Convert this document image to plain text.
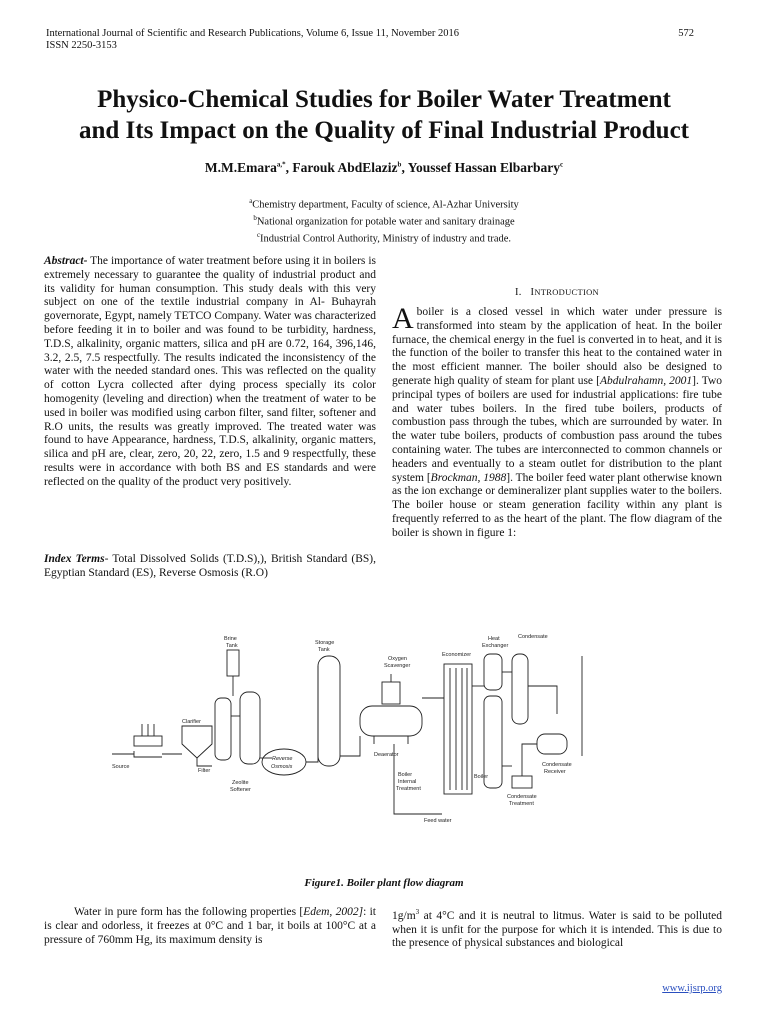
International Journal of Scientific and Research Publications, Volume 6, Issue 11, November 2016
ISSN 2250-3153
572
Physico-Chemical Studies for Boiler Water Treatment
and Its Impact on the Quality of Final Industrial Product
M.M.Emara$^{a,*}$, Farouk AbdElaziz$^b$, Youssef Hassan Elbarbary$^c$
$^a$Chemistry department, Faculty of science, Al-Azhar University
$^b$National organization for potable water and sanitary drainage
$^c$Industrial Control Authority, Ministry of industry and trade.
Abstract- The importance of water treatment before using it in boilers is extremely necessary to guarantee the quality of industrial product and its validity for human consumption. This study deals with this very subject on one of the textile industrial company in Al- Buhayrah governorate, Egypt, namely TETCO Company. Water was characterized before feeding it in to boiler and was found to be turbidity, hardness, T.D.S, alkalinity, organic matters, silica and pH are 0.72, 164, 396,146, 3.2, 2.5, 7.5 respectfully. The results indicated the inconsistency of the water with the needed standard ones. This was reflected on the quality of cotton Lycra collected after dying process specially its color homogenity (leveling and direction) when the treatment of water to be used in boiler was modified using carbon filter, sand filter, softener and R.O units, the results was greatly improved. The treated water was found to have Appearance, hardness, T.D.S, alkalinity, organic matters, silica and pH are, clear, zero, 20, 22, zero, 1.5 and 9 respectfully, these results were in accordance with both BS and ES standards and were reflected on the quality of the product very positively.
Index Terms- Total Dissolved Solids (T.D.S),), British Standard (BS), Egyptian Standard (ES), Reverse Osmosis (R.O)
I. INTRODUCTION
Aboiler is a closed vessel in which water under pressure is transformed into steam by the application of heat. In the boiler furnace, the chemical energy in the fuel is converted in to heat, and it is the function of the boiler to transfer this heat to the contained water in the most efficient manner. The boiler should also be designed to generate high quality of steam for plant use [Abdulrahamn, 2001]. Two principal types of boilers are used for industrial applications: fire tube and water tubes boilers. In the fired tube boilers, products of combustion pass through the tubes, which are surrounded by water. In the water tube boilers, products of combustion pass around the tubes containing water. The tubes are interconnected to common channels or headers and eventually to a steam outlet for distribution to the plant system [Brockman, 1988]. The boiler feed water plant otherwise known as the ion exchange or demineralizer plant supplies water to the boilers. The boiler house or steam generation facility within any plant is frequently referred to as the heart of the plant. The flow diagram of the boiler is shown in figure 1:
Brine
Tank	Storage
Tank
Source
Clarifier
Filter
Zeolite
Softener
Reverse
Osmosis
Oxygen
Scavenger
Economizer
Heat
Exchanger
Condensate
Deaerator
Boiler
Internal
Treatment
Boiler
Condensate
Receiver
Condensate
Treatment
Feed water
Figure1. Boiler plant flow diagram
Water in pure form has the following properties [Edem, 2002]: it is clear and odorless, it freezes at 0°C and 1 bar, it boils at 100°C at a pressure of 760mm Hg, its maximum density is
$1g/m^3$ at 4°C and it is neutral to litmus. Water is said to be polluted when it is unfit for the purpose for which it is intended. This is due to the presence of physical substances and biological
www.ijsrp.org
